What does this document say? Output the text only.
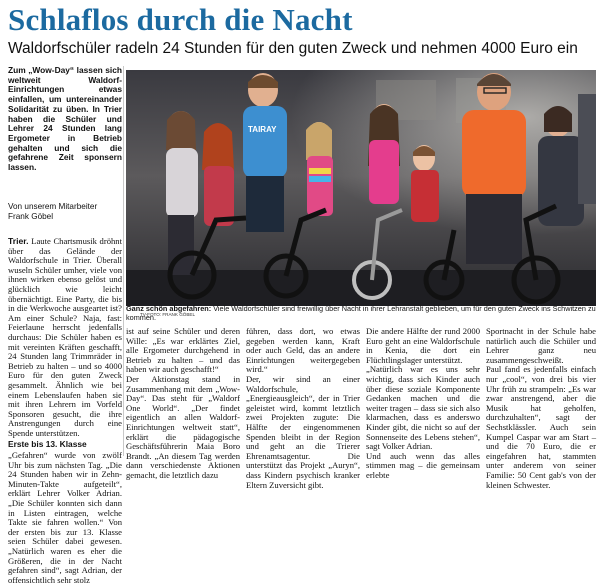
Schlaflos durch die Nacht
Waldorfschüler radeln 24 Stunden für den guten Zweck und nehmen 4000 Euro ein

Zum „Wow-Day“ lassen sich weltweit Waldorf-Einrichtungen etwas einfallen, um untereinander Solidarität zu üben. In Trier haben die Schüler und Lehrer 24 Stunden lang Ergometer in Betrieb gehalten und sich die gefahrene Zeit sponsern lassen.

Von unserem Mitarbeiter
Frank Göbel

Trier. Laute Chartsmusik dröhnt über das Gelände der Waldorfschule in Trier. Überall wuseln Schüler umher, viele von ihnen wirken ebenso gelöst und glücklich wie leicht übernächtigt. Eine Party, die bis in die Werkwoche ausgeartet ist? Am einer Schule? Naja, fast: Feierlaune herrscht jedenfalls durchaus: Die Schüler haben es mit vereinten Kräften geschafft, 24 Stunden lang Trimmräder in Betrieb zu halten – und so 4000 Euro für den guten Zweck gesammelt. Ähnlich wie bei einem Lebenslaufen haben sie mit ihren Lehrern im Vorfeld Sponsoren gesucht, die ihre Anstrengungen durch eine Spende unterstützen.

Erste bis 13. Klasse

„Gefahren“ wurde von zwölf Uhr bis zum nächsten Tag. „Die 24 Stunden haben wir in Zehn-Minuten-Takte aufgeteilt“, erklärt Lehrer Volker Adrian. „Die Schüler konnten sich dann in Listen eintragen, welche Takte sie fahren wollen.“ Von der ersten bis zur 13. Klasse seien Schüler dabei gewesen. „Natürlich waren es eher die Größeren, die in der Nacht gefahren sind“, sagt Adrian, der offensichtlich sehr stolz

TAIRAY
TV-FOTO: FRANK GÖBEL
Ganz schön abgefahren: Viele Waldorfschüler sind freiwillig über Nacht in ihrer Lehranstalt geblieben, um für den guten Zweck ins Schwitzen zu kommen.

ist auf seine Schüler und deren Wille: „Es war erklärtes Ziel, alle Ergometer durchgehend in Betrieb zu halten – und das haben wir auch geschafft!“
Der Aktionstag stand in Zusammenhang mit dem „Wow-Day“. Das steht für „Waldorf One World“. „Der findet eigentlich an allen Waldorf-Einrichtungen weltweit statt“, erklärt die pädagogische Geschäftsführerin Maia Boro Brandt. „An diesem Tag werden dann verschiedenste Aktionen gemacht, die letztlich dazu

führen, dass dort, wo etwas gegeben werden kann, Kraft oder auch Geld, das an andere Einrichtungen weitergegeben wird.“
Der, wir sind an einer Waldorfschule, „Energieausgleich“, der in Trier geleistet wird, kommt letztlich zwei Projekten zugute: Die Hälfte der eingenommenen Spenden bleibt in der Region und geht an die Trierer Ehrenamtsagentur. Die unterstützt das Projekt „Auryn“, dass Kindern psychisch kranker Eltern Zuversicht gibt.

Die andere Hälfte der rund 2000 Euro geht an eine Waldorfschule in Kenia, die dort ein Flüchtlingslager unterstützt.
„Natürlich war es uns sehr wichtig, dass sich Kinder auch über diese soziale Komponente Gedanken machen und die weiter tragen – dass sie sich also klarmachen, dass es anderswo Kinder gibt, die nicht so auf der Sonnenseite des Lebens stehen“, sagt Volker Adrian.
Und auch wenn das alles stimmen mag – die gemeinsam erlebte

Sportnacht in der Schule habe natürlich auch die Schüler und Lehrer ganz neu zusammengeschweißt.
Paul fand es jedenfalls einfach nur „cool“, von drei bis vier Uhr früh zu strampeln: „Es war zwar anstrengend, aber die Musik hat geholfen, durchzuhalten“, sagt der Sechstklässler. Auch sein Kumpel Caspar war am Start – und die 70 Euro, die er eingefahren hat, stammten unter anderem von seiner Familie: 50 Cent gab's von der kleinen Schwester.
